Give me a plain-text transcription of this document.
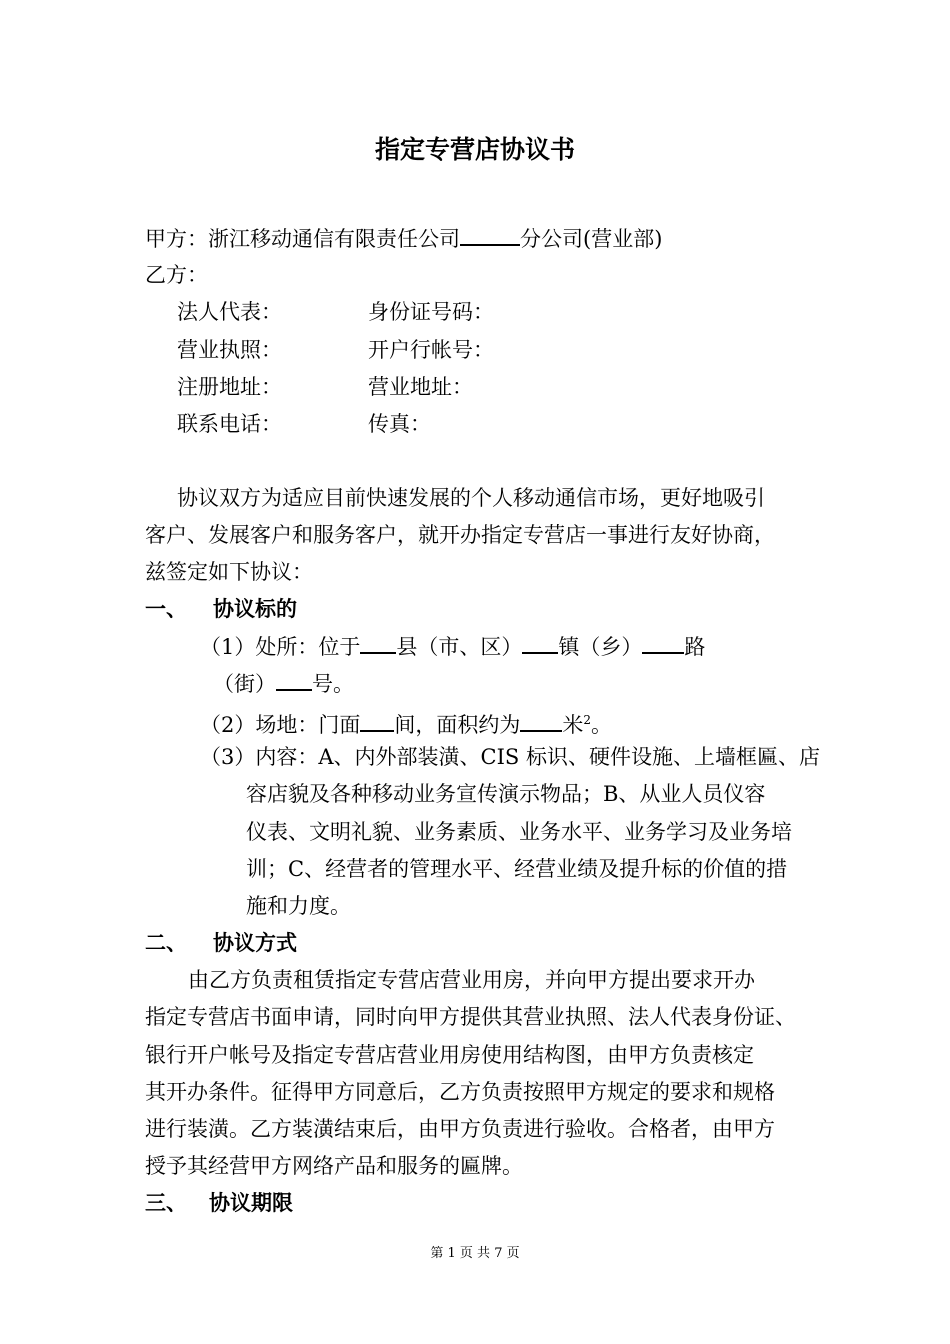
指定专营店协议书
甲方：浙江移动通信有限责任公司	分公司(营业部)
乙方：
法人代表：	身份证号码：
营业执照：	开户行帐号：
注册地址：	营业地址：
联系电话：	传真：
协议双方为适应目前快速发展的个人移动通信市场，更好地吸引
客户、发展客户和服务客户，就开办指定专营店一事进行友好协商，
兹签定如下协议：
一、 协议标的
（1）处所：位于 县（市、区） 镇（乡） 路
（街） 号。
（2）场地：门面 间，面积约为 米$^2$。
（3）内容：A、内外部装潢、CIS 标识、硬件设施、上墙框匾、店
容店貌及各种移动业务宣传演示物品；B、从业人员仪容
仪表、文明礼貌、业务素质、业务水平、业务学习及业务培
训；C、经营者的管理水平、经营业绩及提升标的价值的措
施和力度。
二、 协议方式
由乙方负责租赁指定专营店营业用房，并向甲方提出要求开办
指定专营店书面申请，同时向甲方提供其营业执照、法人代表身份证、
银行开户帐号及指定专营店营业用房使用结构图，由甲方负责核定
其开办条件。征得甲方同意后，乙方负责按照甲方规定的要求和规格
进行装潢。乙方装潢结束后，由甲方负责进行验收。合格者，由甲方
授予其经营甲方网络产品和服务的匾牌。
三、 协议期限
第 1 页 共 7 页
